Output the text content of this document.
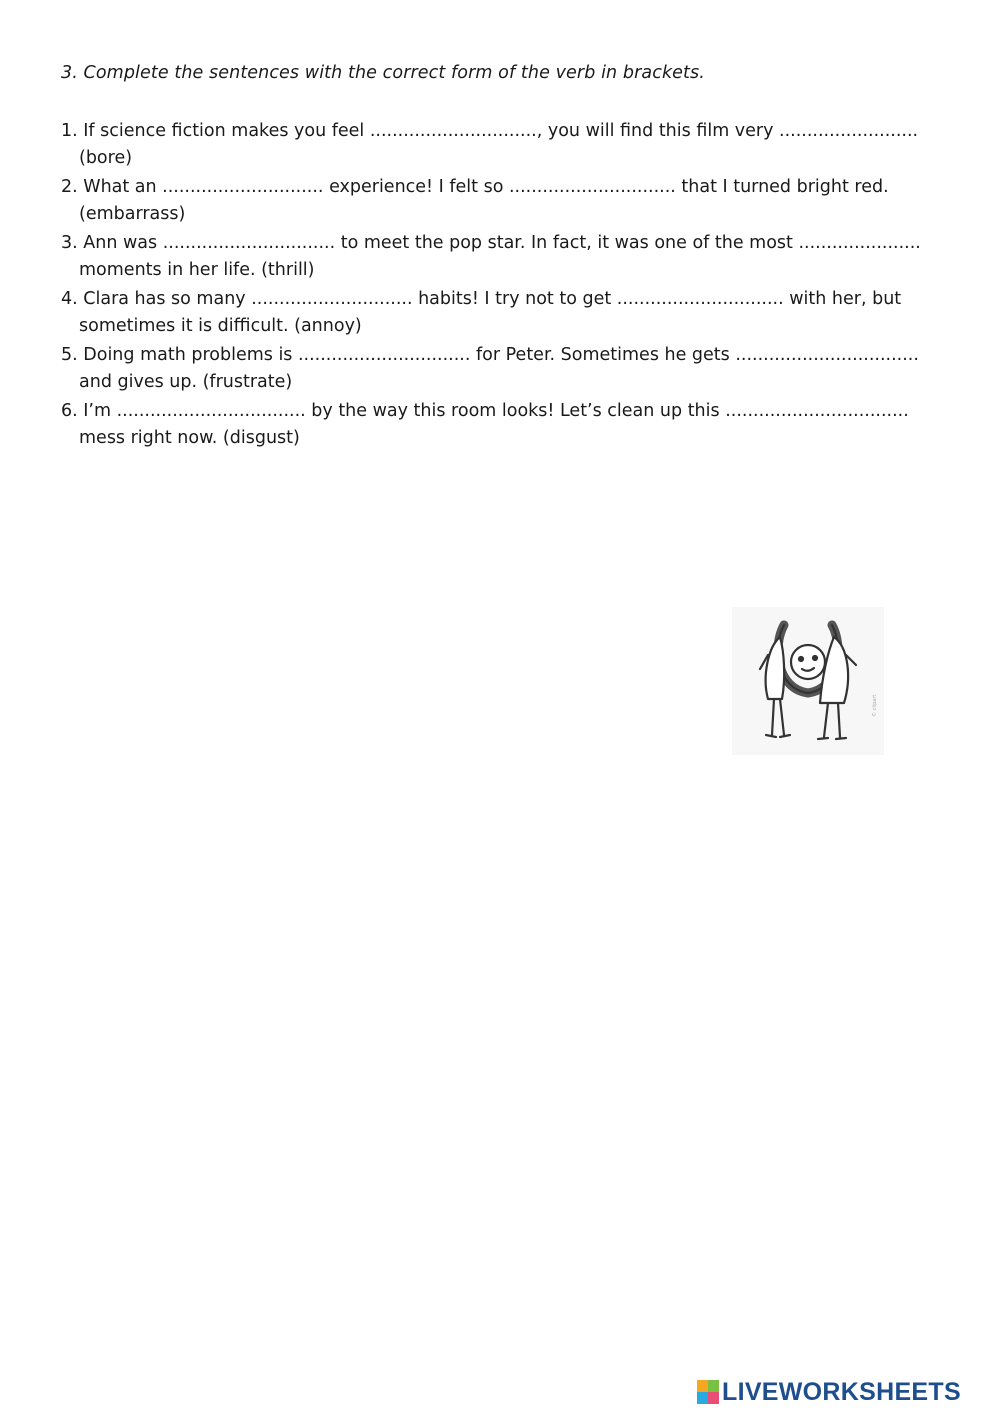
3. Complete the sentences with the correct form of the verb in brackets.
1. If science fiction makes you feel .............................., you will find this film very .........................
(bore)
2. What an ............................. experience! I felt so .............................. that I turned bright red.
(embarrass)
3. Ann was ............................... to meet the pop star. In fact, it was one of the most ......................
moments in her life. (thrill)
4. Clara has so many ............................. habits! I try not to get .............................. with her, but
sometimes it is difficult. (annoy)
5. Doing math problems is ............................... for Peter. Sometimes he gets .................................
and gives up. (frustrate)
6. I’m .................................. by the way this room looks! Let’s clean up this .................................
mess right now. (disgust)
© clipart
LIVEWORKSHEETS
